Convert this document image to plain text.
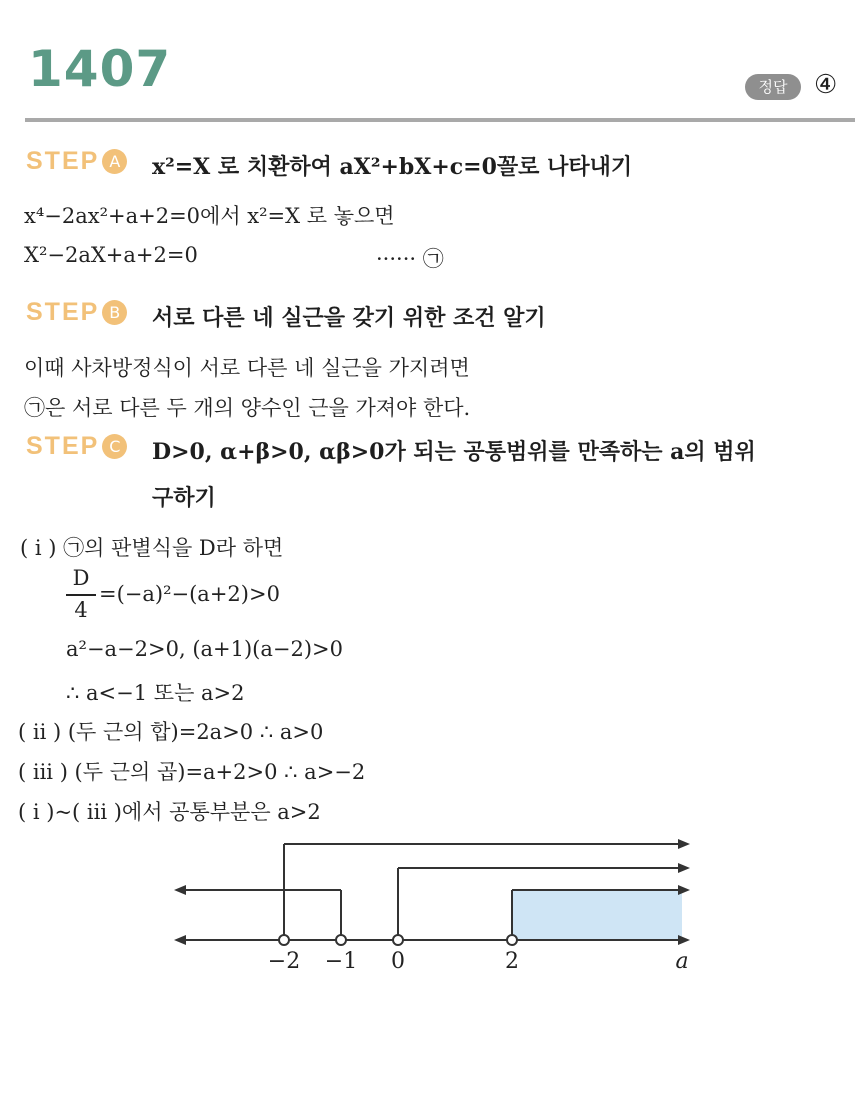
1407	정답	④
STEP A	x²=X 로 치환하여 aX²+bX+c=0꼴로 나타내기
x⁴−2ax²+a+2=0에서 x²=X 로 놓으면
X²−2aX+a+2=0	······ ㉠
STEP B	서로 다른 네 실근을 갖기 위한 조건 알기
이때 사차방정식이 서로 다른 네 실근을 가지려면
㉠은 서로 다른 두 개의 양수인 근을 가져야 한다.
STEP C	D>0, α+β>0, αβ>0가 되는 공통범위를 만족하는 a의 범위
구하기
( i ) ㉠의 판별식을 D라 하면
D
4
=(−a)²−(a+2)>0
a²−a−2>0, (a+1)(a−2)>0
∴ a<−1 또는 a>2
( ii ) (두 근의 합)=2a>0 ∴ a>0
( iii ) (두 근의 곱)=a+2>0 ∴ a>−2
( i )~( iii )에서 공통부분은 a>2
−2 −1 0	2	a
